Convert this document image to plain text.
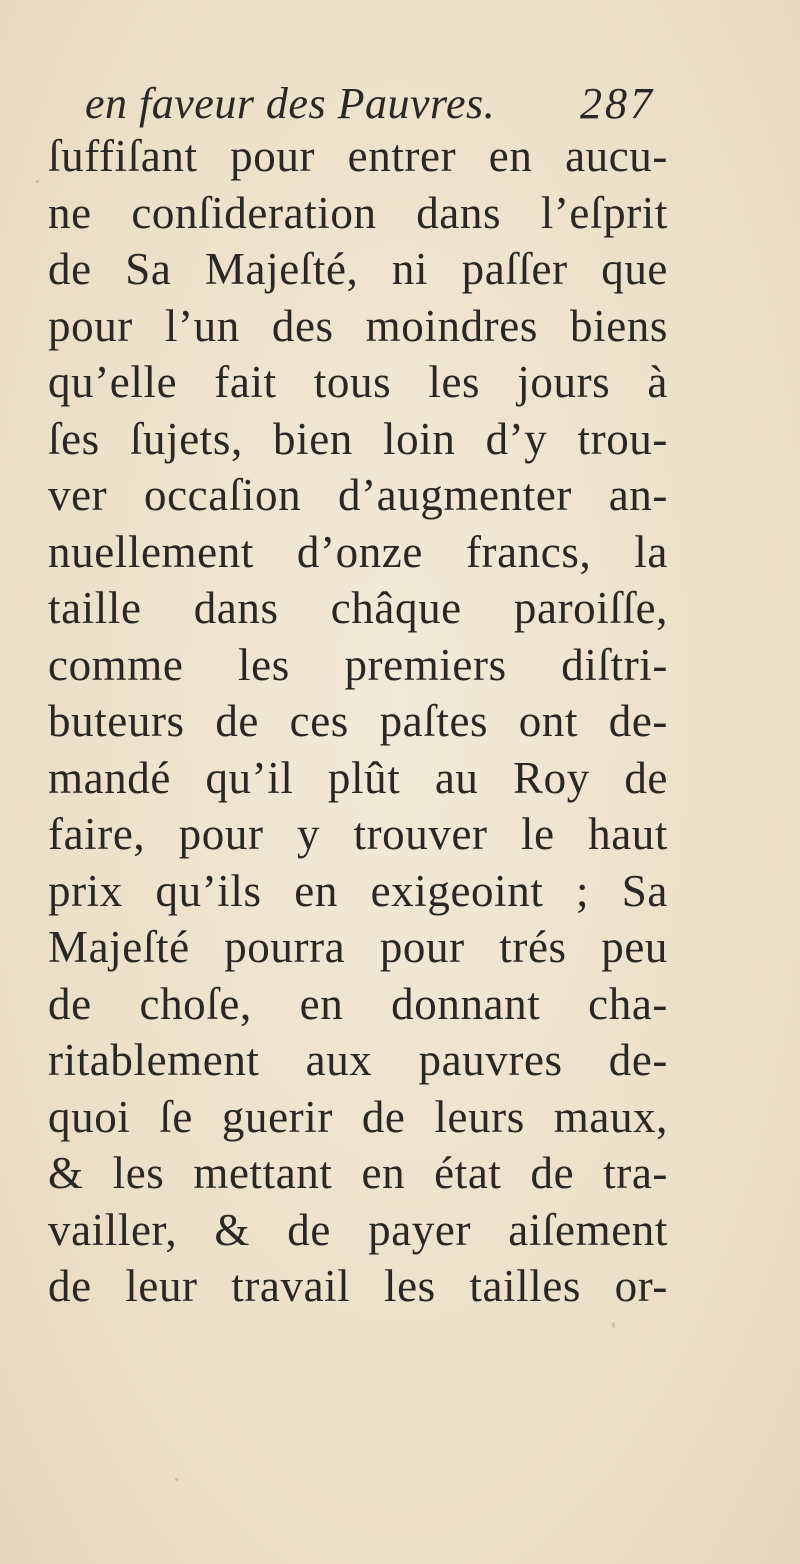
en faveur des Pauvres. 287
ſuffiſant pour entrer en aucu-
ne conſideration dans l’eſprit
de Sa Majeſté, ni paſſer que
pour l’un des moindres biens
qu’elle fait tous les jours à
ſes ſujets, bien loin d’y trou-
ver occaſion d’augmenter an-
nuellement d’onze francs, la
taille dans châque paroiſſe,
comme les premiers diſtri-
buteurs de ces paſtes ont de-
mandé qu’il plût au Roy de
faire, pour y trouver le haut
prix qu’ils en exigeoint ; Sa
Majeſté pourra pour trés peu
de choſe, en donnant cha-
ritablement aux pauvres de-
quoi ſe guerir de leurs maux,
& les mettant en état de tra-
vailler, & de payer aiſement
de leur travail les tailles or-
